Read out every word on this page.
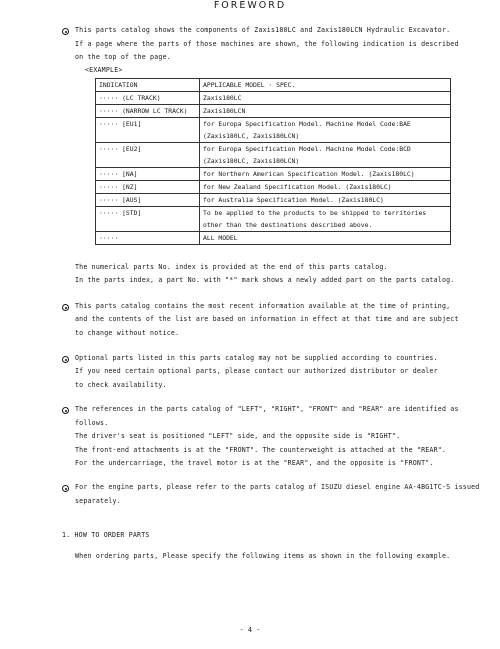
FOREWORD
This parts catalog shows the components of Zaxis180LC and Zaxis180LCN Hydraulic Excavator.
If a page where the parts of those machines are shown, the following indication is described
on the top of the page.
<EXAMPLE>
INDICATION	APPLICABLE MODEL · SPEC.
····· (LC TRACK)	Zaxis180LC
····· (NARROW LC TRACK)	Zaxis180LCN
····· [EU1]	for Europa Specification Model. Machine Model Code:BAE
	(Zaxis180LC, Zaxis180LCN)
····· [EU2]	for Europa Specification Model. Machine Model Code:BCD
	(Zaxis180LC, Zaxis180LCN)
····· [NA]	for Northern American Specification Model. (Zaxis180LC)
····· [NZ]	for New Zealand Specification Model. (Zaxis180LC)
····· [AUS]	for Australia Specification Model. (Zaxis180LC)
····· [STD]	To be applied to the products to be shipped to territories
	other than the destinations described above.
·····	ALL MODEL
The numerical parts No. index is provided at the end of this parts catalog.
In the parts index, a part No. with "*" mark shows a newly added part on the parts catalog.
This parts catalog contains the most recent information available at the time of printing,
and the contents of the list are based on information in effect at that time and are subject
to change without notice.
Optional parts listed in this parts catalog may not be supplied according to countries.
If you need certain optional parts, please contact our authorized distributor or dealer
to check availability.
The references in the parts catalog of "LEFT", "RIGHT", "FRONT" and "REAR" are identified as
follows.
The driver's seat is positioned "LEFT" side, and the opposite side is "RIGHT".
The front-end attachments is at the "FRONT". The counterweight is attached at the "REAR".
For the undercarriage, the travel motor is at the "REAR", and the opposite is "FRONT".
For the engine parts, please refer to the parts catalog of ISUZU diesel engine AA-4BG1TC-S issued
separately.
1. HOW TO ORDER PARTS
When ordering parts, Please specify the following items as shown in the following example.
- 4 -
